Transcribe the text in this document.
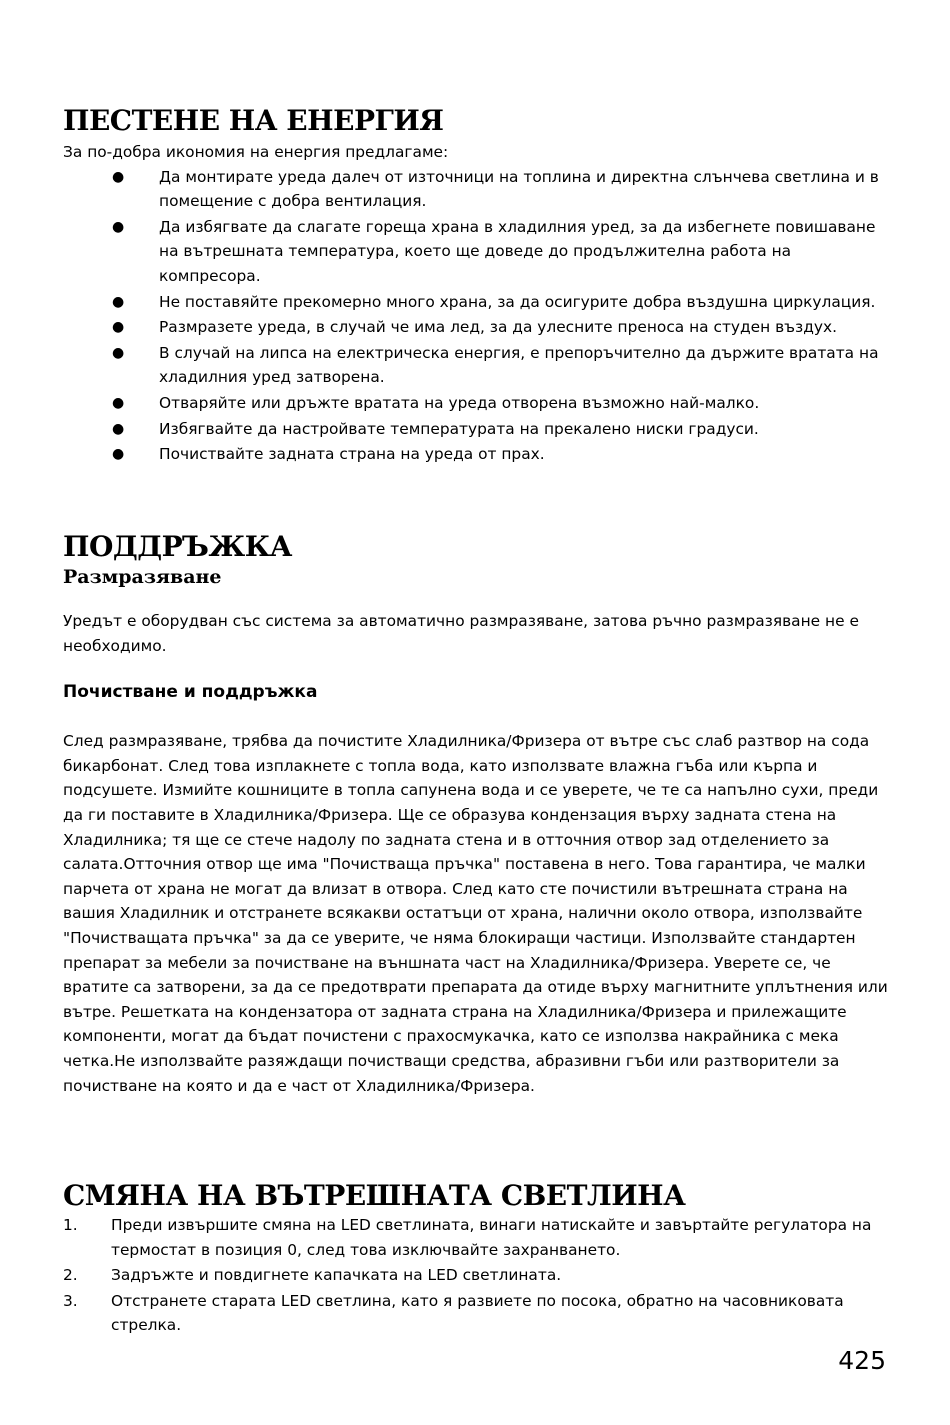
ПЕСТЕНЕ НА ЕНЕРГИЯ

За по-добра икономия на енергия предлагаме:

● Да монтирате уреда далеч от източници на топлина и директна слънчева светлина и в помещение с добра вентилация.
● Да избягвате да слагате гореща храна в хладилния уред, за да избегнете повишаване на вътрешната температура, което ще доведе до продължителна работа на компресора.
● Не поставяйте прекомерно много храна, за да осигурите добра въздушна циркулация.
● Размразете уреда, в случай че има лед, за да улесните преноса на студен въздух.
● В случай на липса на електрическа енергия, е препоръчително да държите вратата на хладилния уред затворена.
● Отваряйте или дръжте вратата на уреда отворена възможно най-малко.
● Избягвайте да настройвате температурата на прекалено ниски градуси.
● Почиствайте задната страна на уреда от прах.
ПОДДРЪЖКА
Размразяване

Уредът е оборудван със система за автоматично размразяване, затова ръчно размразяване не е необходимо.

Почистване и поддръжка

След размразяване, трябва да почистите Хладилника/Фризера от вътре със слаб разтвор на сода бикарбонат. След това изплакнете с топла вода, като използвате влажна гъба или кърпа и подсушете. Измийте кошниците в топла сапунена вода и се уверете, че те са напълно сухи, преди да ги поставите в Хладилника/Фризера. Ще се образува кондензация върху задната стена на Хладилника; тя ще се стече надолу по задната стена и в отточния отвор зад отделението за салата.Отточния отвор ще има "Почистваща пръчка" поставена в него. Това гарантира, че малки парчета от храна не могат да влизат в отвора. След като сте почистили вътрешната страна на вашия Хладилник и отстранете всякакви остатъци от храна, налични около отвора, използвайте "Почистващата пръчка" за да се уверите, че няма блокиращи частици. Използвайте стандартен препарат за мебели за почистване на външната част на Хладилника/Фризера. Уверете се, че вратите са затворени, за да се предотврати препарата да отиде върху магнитните уплътнения или вътре. Решетката на кондензатора от задната страна на Хладилника/Фризера и прилежащите компоненти, могат да бъдат почистени с прахосмукачка, като се използва накрайника с мека четка.Не използвайте разяждащи почистващи средства, абразивни гъби или разтворители за почистване на която и да е част от Хладилника/Фризера.

СМЯНА НА ВЪТРЕШНАТА СВЕТЛИНА
1. Преди извършите смяна на LED светлината, винаги натискайте и завъртайте регулатора на термостат в позиция 0, след това изключвайте захранването.
2. Задръжте и повдигнете капачката на LED светлината.
3. Отстранете старата LED светлина, като я развиете по посока, обратно на часовниковата стрелка.
425
